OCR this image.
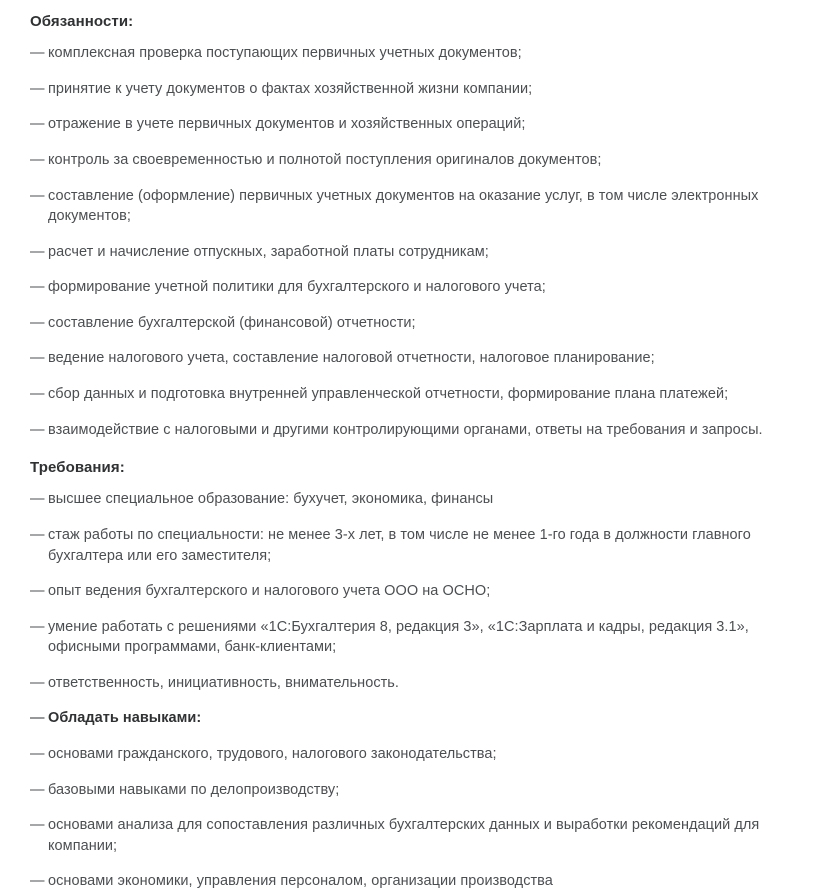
Обязанности:
— комплексная проверка поступающих первичных учетных документов;
— принятие к учету документов о фактах хозяйственной жизни компании;
— отражение в учете первичных документов и хозяйственных операций;
— контроль за своевременностью и полнотой поступления оригиналов документов;
— составление (оформление) первичных учетных документов на оказание услуг, в том числе электронных документов;
— расчет и начисление отпускных, заработной платы сотрудникам;
— формирование учетной политики для бухгалтерского и налогового учета;
— составление бухгалтерской (финансовой) отчетности;
— ведение налогового учета, составление налоговой отчетности, налоговое планирование;
— сбор данных и подготовка внутренней управленческой отчетности, формирование плана платежей;
— взаимодействие с налоговыми и другими контролирующими органами, ответы на требования и запросы.
Требования:
— высшее специальное образование: бухучет, экономика, финансы
— стаж работы по специальности: не менее 3-х лет, в том числе не менее 1-го года в должности главного бухгалтера или его заместителя;
— опыт ведения бухгалтерского и налогового учета ООО на ОСНО;
— умение работать с решениями «1С:Бухгалтерия 8, редакция 3», «1С:Зарплата и кадры, редакция 3.1», офисными программами, банк-клиентами;
— ответственность, инициативность, внимательность.
— Обладать навыками:
— основами гражданского, трудового, налогового законодательства;
— базовыми навыками по делопроизводству;
— основами анализа для сопоставления различных бухгалтерских данных и выработки рекомендаций для компании;
— основами экономики, управления персоналом, организации производства
